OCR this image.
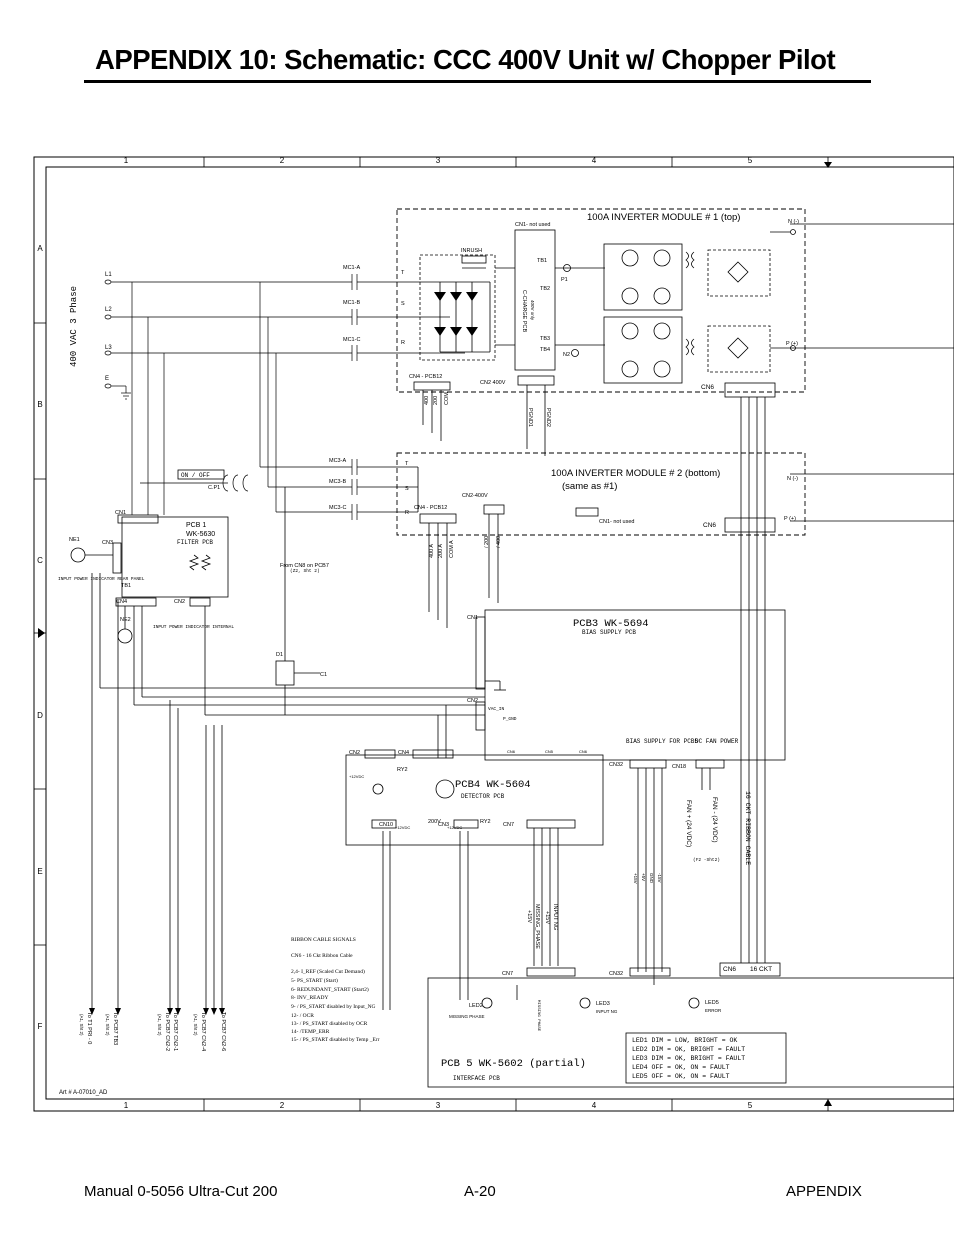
APPENDIX 10: Schematic: CCC 400V Unit w/ Chopper Pilot
1	2	3	4	5
1	2	3	4	5
A
B
C
D
E
F
400 VAC 3 Phase
L1
L2
L3
E
MC1-A
MC1-B
MC1-C
MC3-A
MC3-B
MC3-C
T
S
R
T
S
R
100A INVERTER MODULE # 1 (top)
INRUSH
CN1- not used
TB1
TB2
TB3
TB4
P1
N2
CN4 - PCB12
CN2 400V
CN6
N (-)
P (+)
C-CHARGE PCB 400V only
400 200 COM
PGND1 PGND2
100A INVERTER MODULE # 2 (bottom)
(same as #1)
CN1- not used
CN4 - PCB12
CN2-400V
CN6
N (-)
P (+)
400 A 200 A COM A	/ 200 / 400
PCB 1
WK-5630
FILTER PCB
CN1
CN2
CN3
CN4
TB1
NE1
NE2
INPUT POWER INDICATOR REAR PANEL
INPUT POWER INDICATOR INTERNAL
C.P1
ON / OFF
From CN8 on PCB7
(Z2, Sht 2)
D1
C1
PCB3 WK-5694
BIAS SUPPLY PCB
CN1
CN2
VAC_IN
P_GND
BIAS SUPPLY FOR PCB5
DC FAN POWER
CN32	CN18
FAN + (24 VDC)	FAN - (24 VDC)
(F2 -Sht2)
+15V +5V GND -15V
CN6	CN5	CN6
PCB4 WK-5604
DETECTOR PCB
CN2	CN4
CN10	CN3	CN7
RY2
200V
+12VDC
+12VDC	+12VDC
RY2
+15V MISSING_PHASE +15V INPUT NG
16 CKT RIBBON CABLE
CN6 16 CKT
RIBBON CABLE SIGNALS
CN6 - 16 Ckt Ribbon Cable
2,4- I_REF (Scaled Cut Demand)
5- PS_START (Start)
6- REDUNDANT_START (Start2)
8- INV_READY
9- / PS_START disabled by Input_NG
12- / OCR
13- / PS_START disabled by OCR
14- /TEMP_ERR
15- / PS_START disabled by Temp _Err
To T1 PRI - 0
(A1, Sht 2)	To PCB7 TB3
(A1, Sht 2)	To PCB7 CN2-2
(A1, Sht 2) To PCB7 CN2-1	To PCB7 CN2-4
(A1, Sht 2)	To PCB7 CN2-6
PCB 5 WK-5602 (partial)
INTERFACE PCB
CN7	CN32
LED2
MISSING PHASE
LED3
INPUT NG
LED5
ERROR
MISSING PHASE
LED1 DIM = LOW, BRIGHT = OK
LED2 DIM = OK, BRIGHT = FAULT
LED3 DIM = OK, BRIGHT = FAULT
LED4 OFF = OK, ON = FAULT
LED5 OFF = OK, ON = FAULT
Art # A-07010_AD
Manual 0-5056 Ultra-Cut 200	A-20	APPENDIX
